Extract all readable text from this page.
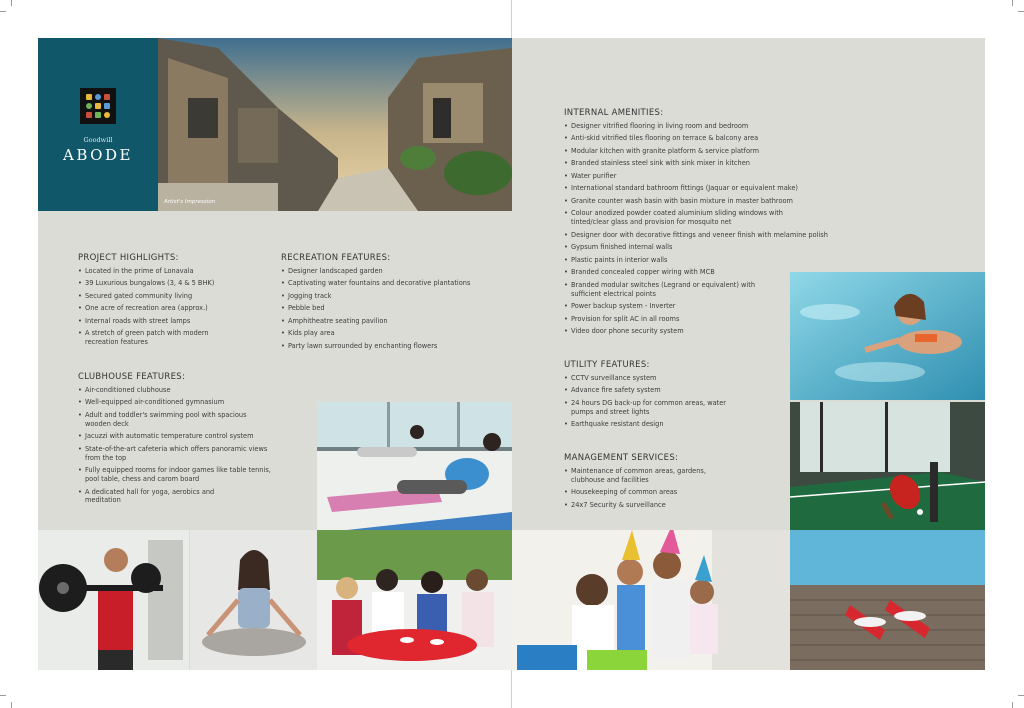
Goodwill
ABODE
Artist's Impression
PROJECT HIGHLIGHTS:
• Located in the prime of Lonavala
• 39 Luxurious bungalows (3, 4 & 5 BHK)
• Secured gated community living
• One acre of recreation area (approx.)
• Internal roads with street lamps
• A stretch of green patch with modern recreation features
RECREATION FEATURES:
• Designer landscaped garden
• Captivating water fountains and decorative plantations
• Jogging track
• Pebble bed
• Amphitheatre seating pavilion
• Kids play area
• Party lawn surrounded by enchanting flowers
CLUBHOUSE FEATURES:
• Air-conditioned clubhouse
• Well-equipped air-conditioned gymnasium
• Adult and toddler's swimming pool with spacious wooden deck
• Jacuzzi with automatic temperature control system
• State-of-the-art cafeteria which offers panoramic views from the top
• Fully equipped rooms for indoor games like table tennis, pool table, chess and carom board
• A dedicated hall for yoga, aerobics and meditation
INTERNAL AMENITIES:
• Designer vitrified flooring in living room and bedroom
• Anti-skid vitrified tiles flooring on terrace & balcony area
• Modular kitchen with granite platform & service platform
• Branded stainless steel sink with sink mixer in kitchen
• Water purifier
• International standard bathroom fittings (Jaquar or equivalent make)
• Granite counter wash basin with basin mixture in master bathroom
• Colour anodized powder coated aluminium sliding windows with tinted/clear glass and provision for mosquito net
• Designer door with decorative fittings and veneer finish with melamine polish
• Gypsum finished internal walls
• Plastic paints in interior walls
• Branded concealed copper wiring with MCB
• Branded modular switches (Legrand or equivalent) with sufficient electrical points
• Power backup system - Inverter
• Provision for split AC in all rooms
• Video door phone security system
UTILITY FEATURES:
• CCTV surveillance system
• Advance fire safety system
• 24 hours DG back-up for common areas, water pumps and street lights
• Earthquake resistant design
MANAGEMENT SERVICES:
• Maintenance of common areas, gardens, clubhouse and facilities
• Housekeeping of common areas
• 24x7 Security & surveillance
